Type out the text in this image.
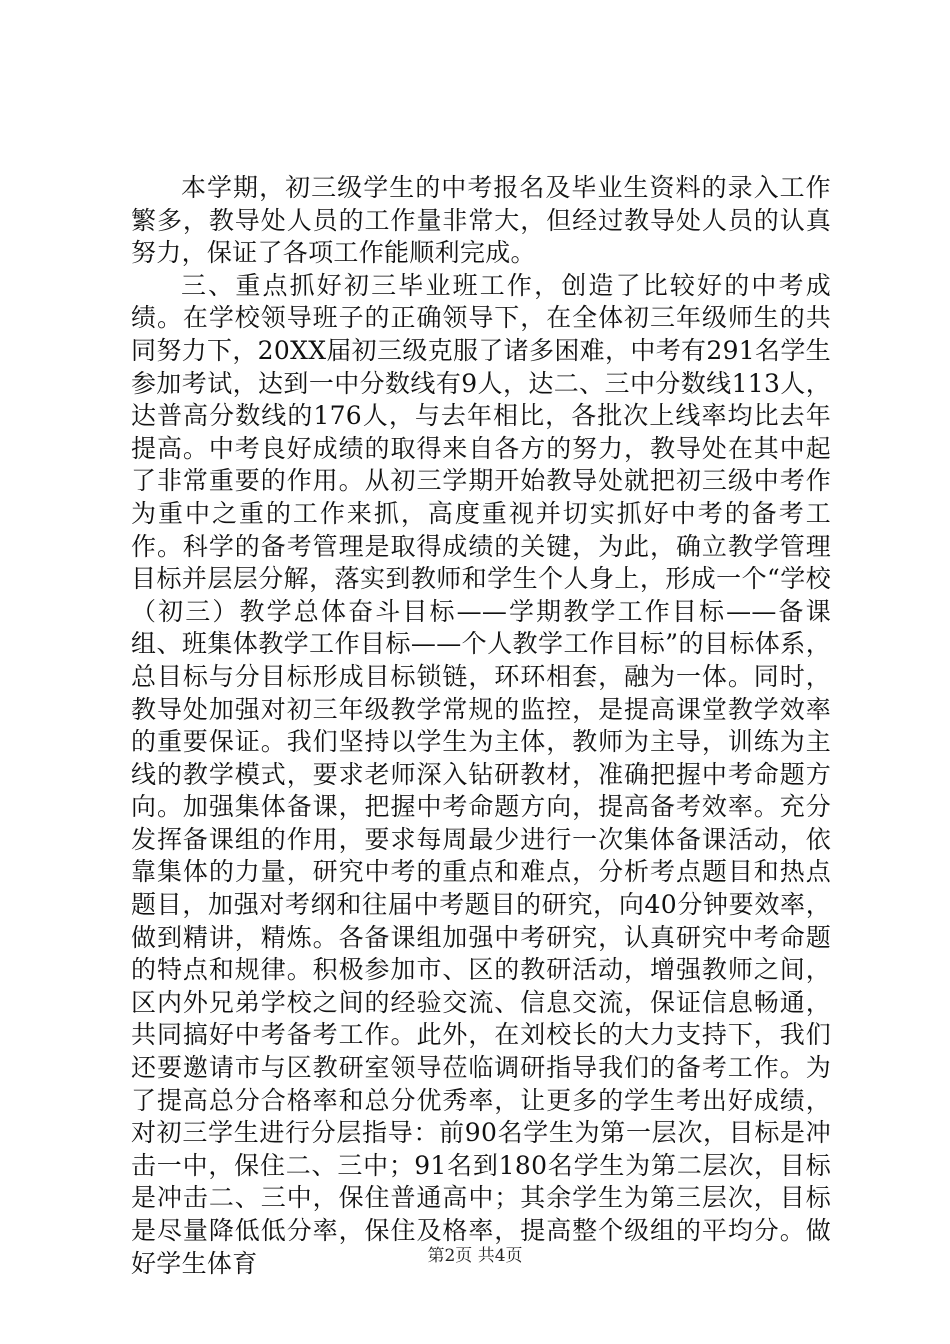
本学期，初三级学生的中考报名及毕业生资料的录入工作繁多，教导处人员的工作量非常大，但经过教导处人员的认真努力，保证了各项工作能顺利完成。

三、重点抓好初三毕业班工作，创造了比较好的中考成绩。在学校领导班子的正确领导下，在全体初三年级师生的共同努力下，20XX届初三级克服了诸多困难，中考有291名学生参加考试，达到一中分数线有9人，达二、三中分数线113人，达普高分数线的176人，与去年相比，各批次上线率均比去年提高。中考良好成绩的取得来自各方的努力，教导处在其中起了非常重要的作用。从初三学期开始教导处就把初三级中考作为重中之重的工作来抓，高度重视并切实抓好中考的备考工作。科学的备考管理是取得成绩的关键，为此，确立教学管理目标并层层分解，落实到教师和学生个人身上，形成一个“学校（初三）教学总体奋斗目标——学期教学工作目标——备课组、班集体教学工作目标——个人教学工作目标”的目标体系，总目标与分目标形成目标锁链，环环相套，融为一体。同时，教导处加强对初三年级教学常规的监控，是提高课堂教学效率的重要保证。我们坚持以学生为主体，教师为主导，训练为主线的教学模式，要求老师深入钻研教材，准确把握中考命题方向。加强集体备课，把握中考命题方向，提高备考效率。充分发挥备课组的作用，要求每周最少进行一次集体备课活动，依靠集体的力量，研究中考的重点和难点，分析考点题目和热点题目，加强对考纲和往届中考题目的研究，向40分钟要效率，做到精讲，精炼。各备课组加强中考研究，认真研究中考命题的特点和规律。积极参加市、区的教研活动，增强教师之间，区内外兄弟学校之间的经验交流、信息交流，保证信息畅通，共同搞好中考备考工作。此外，在刘校长的大力支持下，我们还要邀请市与区教研室领导莅临调研指导我们的备考工作。为了提高总分合格率和总分优秀率，让更多的学生考出好成绩，对初三学生进行分层指导：前90名学生为第一层次，目标是冲击一中，保住二、三中；91名到180名学生为第二层次，目标是冲击二、三中，保住普通高中；其余学生为第三层次，目标是尽量降低低分率，保住及格率，提高整个级组的平均分。做好学生体育	第2页 共4页
